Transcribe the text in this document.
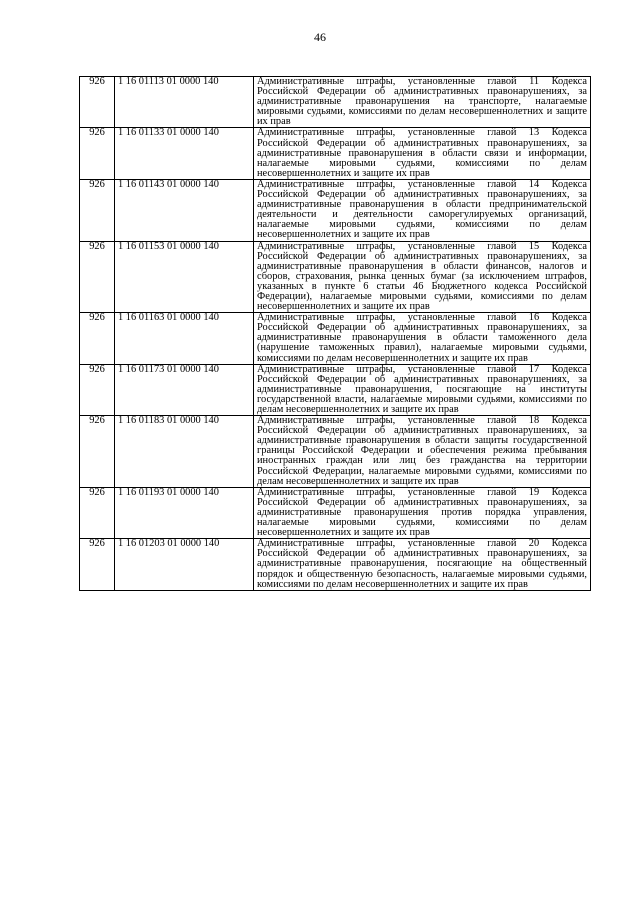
46
926	1 16 01113 01 0000 140	Административные штрафы, установленные главой 11 Кодекса Российской Федерации об административных правонарушениях, за административные правонарушения на транспорте, налагаемые мировыми судьями, комиссиями по делам несовершеннолетних и защите их прав
926	1 16 01133 01 0000 140	Административные штрафы, установленные главой 13 Кодекса Российской Федерации об административных правонарушениях, за административные правонарушения в области связи и информации, налагаемые мировыми судьями, комиссиями по делам несовершеннолетних и защите их прав
926	1 16 01143 01 0000 140	Административные штрафы, установленные главой 14 Кодекса Российской Федерации об административных правонарушениях, за административные правонарушения в области предпринимательской деятельности и деятельности саморегулируемых организаций, налагаемые мировыми судьями, комиссиями по делам несовершеннолетних и защите их прав
926	1 16 01153 01 0000 140	Административные штрафы, установленные главой 15 Кодекса Российской Федерации об административных правонарушениях, за административные правонарушения в области финансов, налогов и сборов, страхования, рынка ценных бумаг (за исключением штрафов, указанных в пункте 6 статьи 46 Бюджетного кодекса Российской Федерации), налагаемые мировыми судьями, комиссиями по делам несовершеннолетних и защите их прав
926	1 16 01163 01 0000 140	Административные штрафы, установленные главой 16 Кодекса Российской Федерации об административных правонарушениях, за административные правонарушения в области таможенного дела (нарушение таможенных правил), налагаемые мировыми судьями, комиссиями по делам несовершеннолетних и защите их прав
926	1 16 01173 01 0000 140	Административные штрафы, установленные главой 17 Кодекса Российской Федерации об административных правонарушениях, за административные правонарушения, посягающие на институты государственной власти, налагаемые мировыми судьями, комиссиями по делам несовершеннолетних и защите их прав
926	1 16 01183 01 0000 140	Административные штрафы, установленные главой 18 Кодекса Российской Федерации об административных правонарушениях, за административные правонарушения в области защиты государственной границы Российской Федерации и обеспечения режима пребывания иностранных граждан или лиц без гражданства на территории Российской Федерации, налагаемые мировыми судьями, комиссиями по делам несовершеннолетних и защите их прав
926	1 16 01193 01 0000 140	Административные штрафы, установленные главой 19 Кодекса Российской Федерации об административных правонарушениях, за административные правонарушения против порядка управления, налагаемые мировыми судьями, комиссиями по делам несовершеннолетних и защите их прав
926	1 16 01203 01 0000 140	Административные штрафы, установленные главой 20 Кодекса Российской Федерации об административных правонарушениях, за административные правонарушения, посягающие на общественный порядок и общественную безопасность, налагаемые мировыми судьями, комиссиями по делам несовершеннолетних и защите их прав
